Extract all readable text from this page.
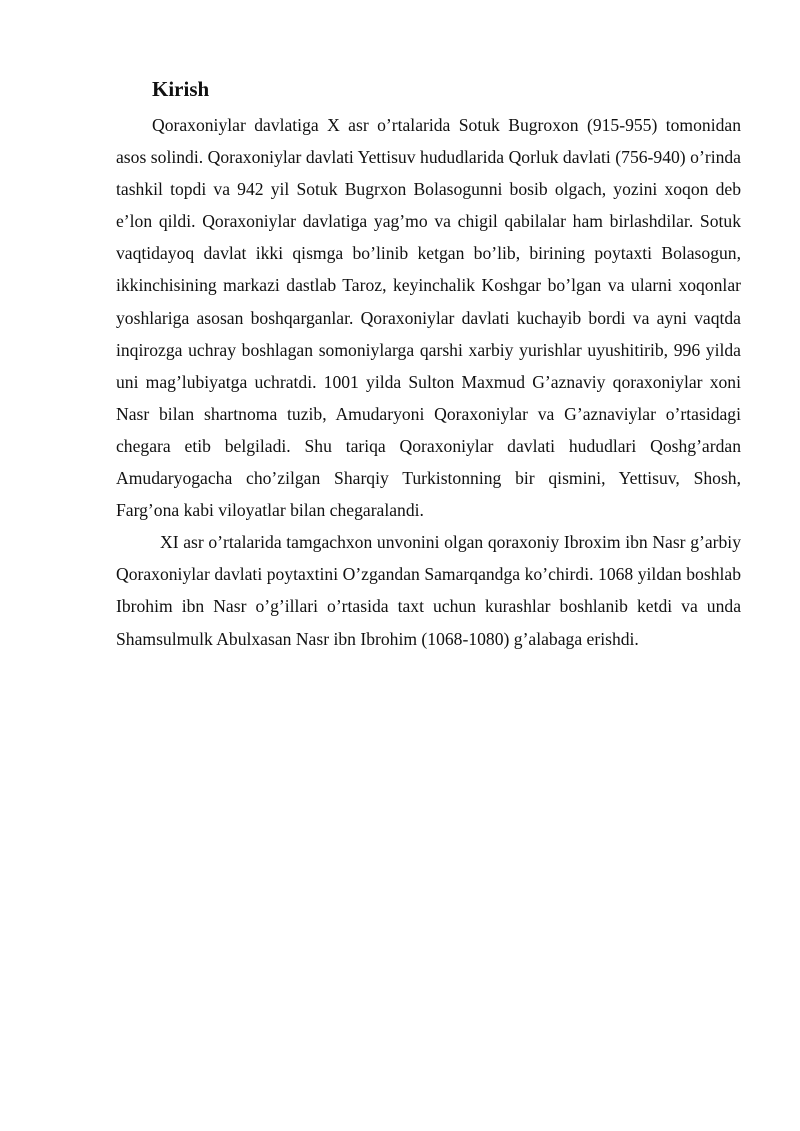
Kirish

Qoraxoniylar davlatiga X asr o’rtalarida Sotuk Bugroxon (915-955) tomonidan asos solindi. Qoraxoniylar davlati Yettisuv hududlarida Qorluk davlati (756-940) o’rinda tashkil topdi va 942 yil Sotuk Bugrxon Bolasogunni bosib olgach, yozini xoqon deb e’lon qildi. Qoraxoniylar davlatiga yag’mo va chigil qabilalar ham birlashdilar. Sotuk vaqtidayoq davlat ikki qismga bo’linib ketgan bo’lib, birining poytaxti Bolasogun, ikkinchisining markazi dastlab Taroz, keyinchalik Koshgar bo’lgan va ularni xoqonlar yoshlariga asosan boshqarganlar. Qoraxoniylar davlati kuchayib bordi va ayni vaqtda inqirozga uchray boshlagan somoniylarga qarshi xarbiy yurishlar uyushitirib, 996 yilda uni mag’lubiyatga uchratdi. 1001 yilda Sulton Maxmud G’aznaviy qoraxoniylar xoni Nasr bilan shartnoma tuzib, Amudaryoni Qoraxoniylar va G’aznaviylar o’rtasidagi chegara etib belgiladi. Shu tariqa Qoraxoniylar davlati hududlari Qoshg’ardan Amudaryogacha cho’zilgan Sharqiy Turkistonning bir qismini, Yettisuv, Shosh, Farg’ona kabi viloyatlar bilan chegaralandi.

XI asr o’rtalarida tamgachxon unvonini olgan qoraxoniy Ibroxim ibn Nasr g’arbiy Qoraxoniylar davlati poytaxtini O’zgandan Samarqandga ko’chirdi. 1068 yildan boshlab Ibrohim ibn Nasr o’g’illari o’rtasida taxt uchun kurashlar boshlanib ketdi va unda Shamsulmulk Abulxasan Nasr ibn Ibrohim (1068-1080) g’alabaga erishdi.
